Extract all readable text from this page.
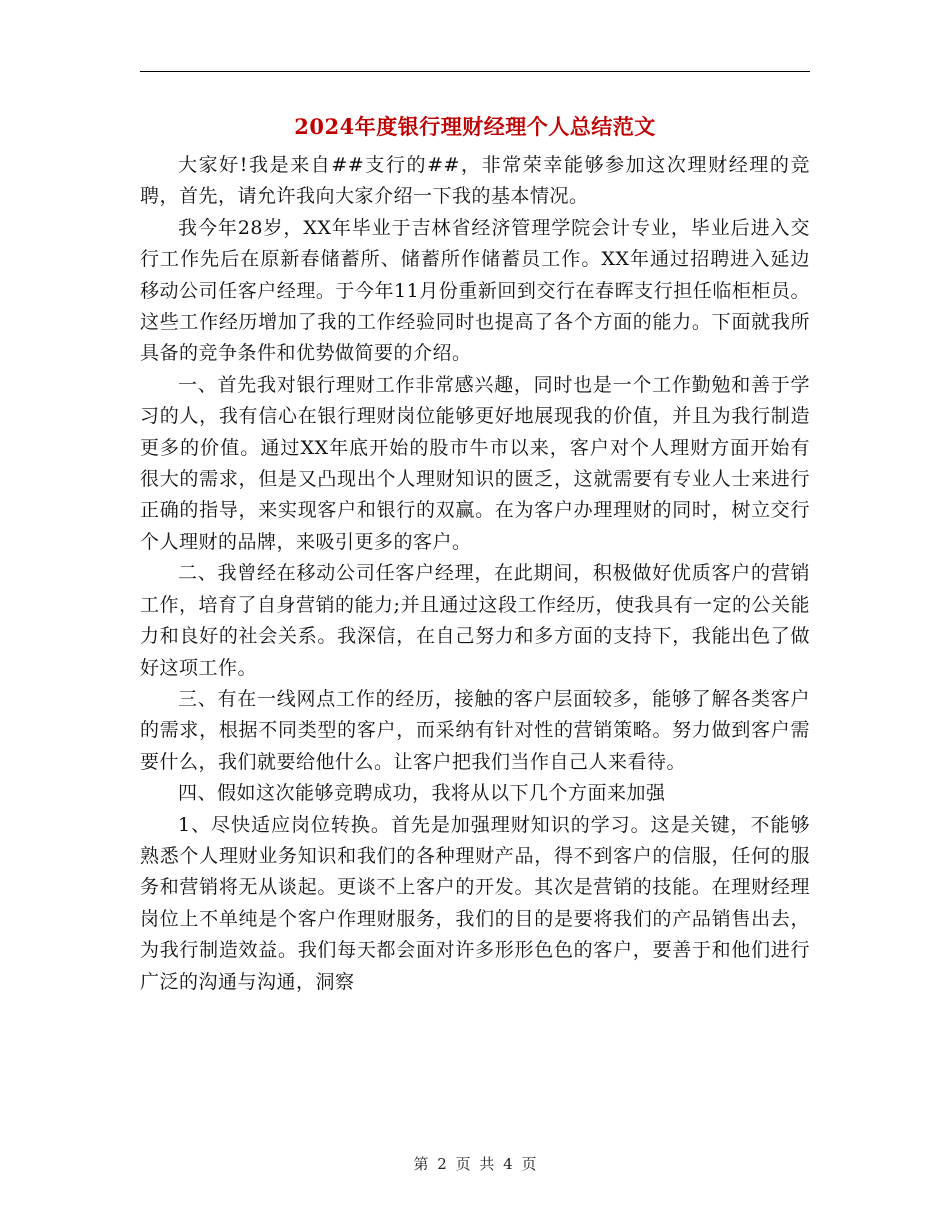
2024年度银行理财经理个人总结范文

大家好!我是来自##支行的##，非常荣幸能够参加这次理财经理的竞聘，首先，请允许我向大家介绍一下我的基本情况。

我今年28岁，XX年毕业于吉林省经济管理学院会计专业，毕业后进入交行工作先后在原新春储蓄所、储蓄所作储蓄员工作。XX年通过招聘进入延边移动公司任客户经理。于今年11月份重新回到交行在春晖支行担任临柜柜员。这些工作经历增加了我的工作经验同时也提高了各个方面的能力。下面就我所具备的竞争条件和优势做简要的介绍。

一、首先我对银行理财工作非常感兴趣，同时也是一个工作勤勉和善于学习的人，我有信心在银行理财岗位能够更好地展现我的价值，并且为我行制造更多的价值。通过XX年底开始的股市牛市以来，客户对个人理财方面开始有很大的需求，但是又凸现出个人理财知识的匮乏，这就需要有专业人士来进行正确的指导，来实现客户和银行的双赢。在为客户办理理财的同时，树立交行个人理财的品牌，来吸引更多的客户。

二、我曾经在移动公司任客户经理，在此期间，积极做好优质客户的营销工作，培育了自身营销的能力;并且通过这段工作经历，使我具有一定的公关能力和良好的社会关系。我深信，在自己努力和多方面的支持下，我能出色了做好这项工作。

三、有在一线网点工作的经历，接触的客户层面较多，能够了解各类客户的需求，根据不同类型的客户，而采纳有针对性的营销策略。努力做到客户需要什么，我们就要给他什么。让客户把我们当作自己人来看待。

四、假如这次能够竞聘成功，我将从以下几个方面来加强

1、尽快适应岗位转换。首先是加强理财知识的学习。这是关键，不能够熟悉个人理财业务知识和我们的各种理财产品，得不到客户的信服，任何的服务和营销将无从谈起。更谈不上客户的开发。其次是营销的技能。在理财经理岗位上不单纯是个客户作理财服务，我们的目的是要将我们的产品销售出去，为我行制造效益。我们每天都会面对许多形形色色的客户，要善于和他们进行广泛的沟通与沟通，洞察

第 2 页 共 4 页
